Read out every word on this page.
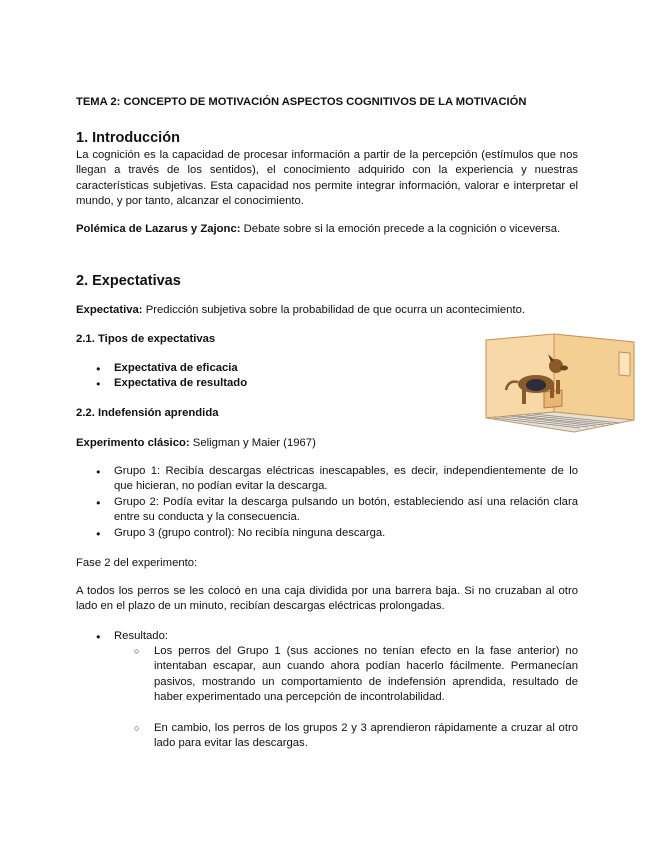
TEMA 2: CONCEPTO DE MOTIVACIÓN ASPECTOS COGNITIVOS DE LA MOTIVACIÓN
1. Introducción
La cognición es la capacidad de procesar información a partir de la percepción (estímulos que nos llegan a través de los sentidos), el conocimiento adquirido con la experiencia y nuestras características subjetivas. Esta capacidad nos permite integrar información, valorar e interpretar el mundo, y por tanto, alcanzar el conocimiento.
Polémica de Lazarus y Zajonc: Debate sobre si la emoción precede a la cognición o viceversa.
2. Expectativas
Expectativa: Predicción subjetiva sobre la probabilidad de que ocurra un acontecimiento.
2.1. Tipos de expectativas
● Expectativa de eficacia
● Expectativa de resultado
2.2. Indefensión aprendida
Experimento clásico: Seligman y Maier (1967)
● Grupo 1: Recibía descargas eléctricas inescapables, es decir, independientemente de lo que hicieran, no podían evitar la descarga.
● Grupo 2: Podía evitar la descarga pulsando un botón, estableciendo así una relación clara entre su conducta y la consecuencia.
● Grupo 3 (grupo control): No recibía ninguna descarga.
Fase 2 del experimento:
A todos los perros se les colocó en una caja dividida por una barrera baja. Si no cruzaban al otro lado en el plazo de un minuto, recibían descargas eléctricas prolongadas.
● Resultado:
○ Los perros del Grupo 1 (sus acciones no tenían efecto en la fase anterior) no intentaban escapar, aun cuando ahora podían hacerlo fácilmente. Permanecían pasivos, mostrando un comportamiento de indefensión aprendida, resultado de haber experimentado una percepción de incontrolabilidad.
○ En cambio, los perros de los grupos 2 y 3 aprendieron rápidamente a cruzar al otro lado para evitar las descargas.
